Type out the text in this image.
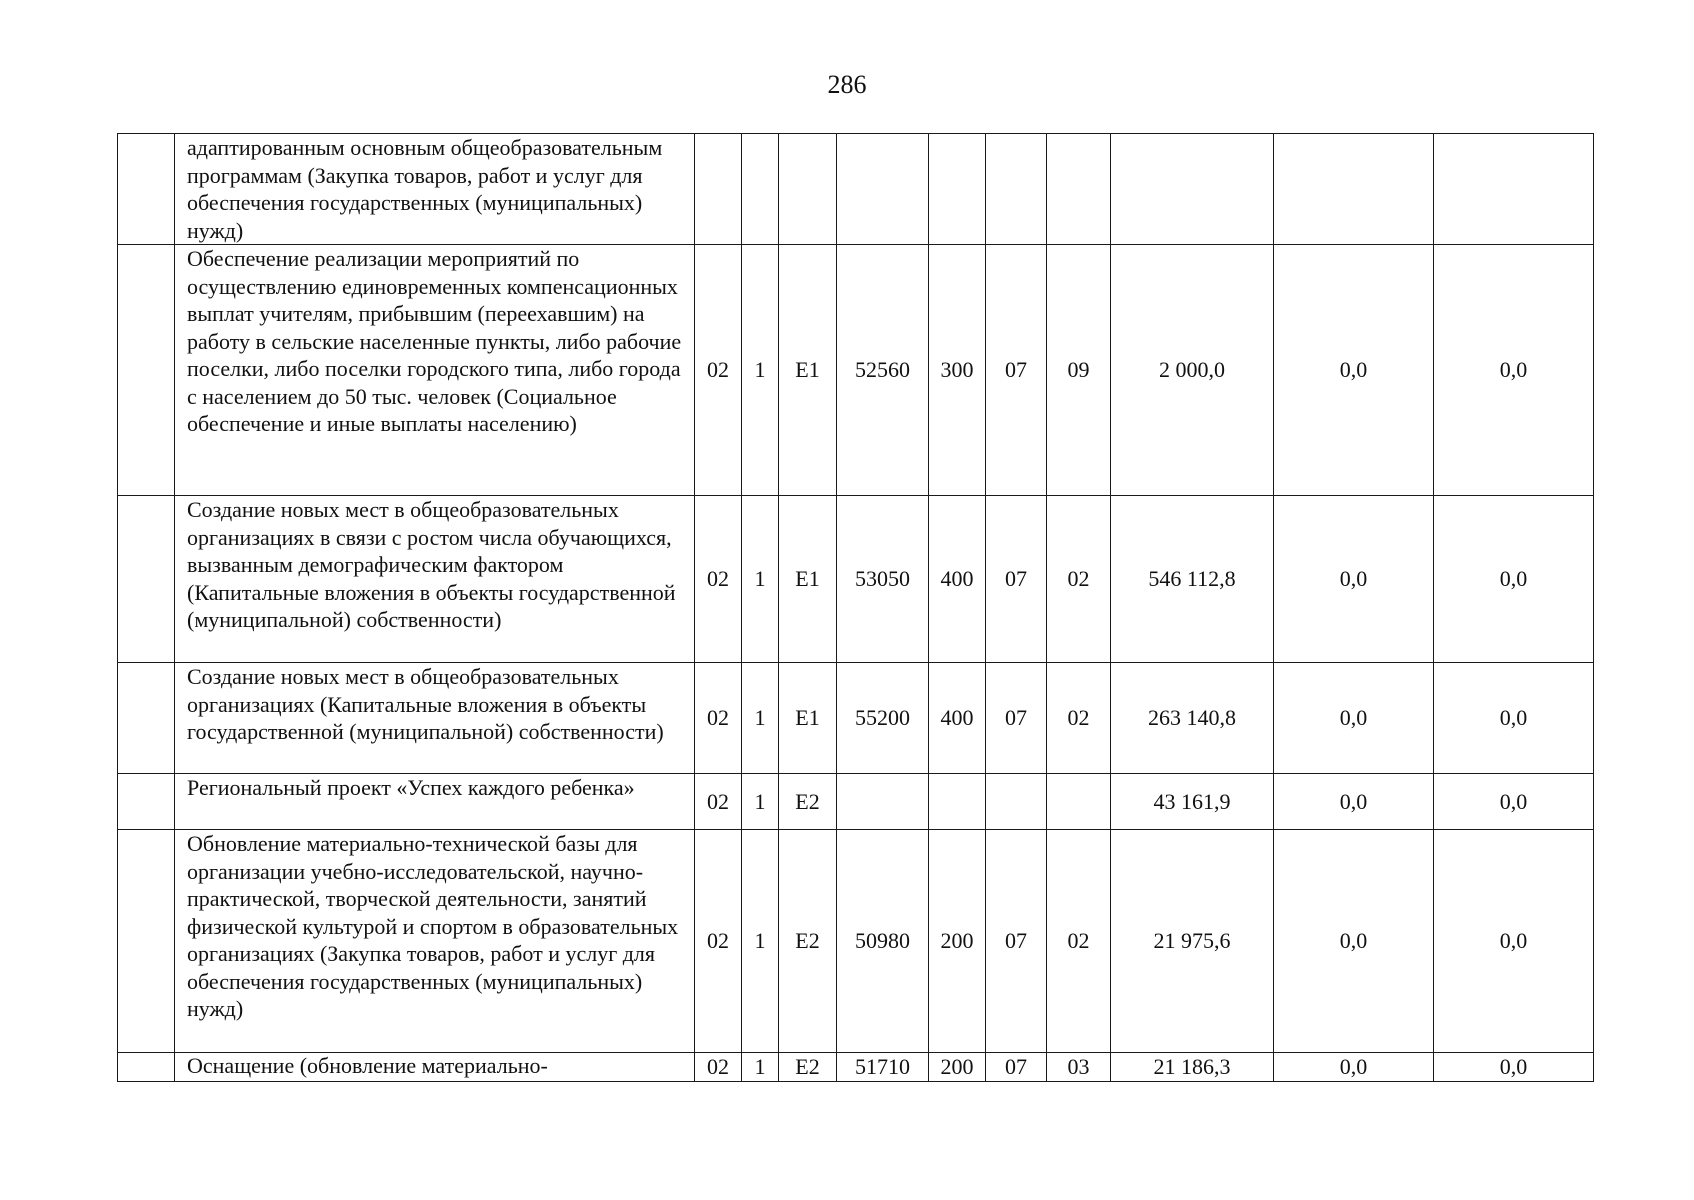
286
	адаптированным основным общеобразовательным программам (Закупка товаров, работ и услуг для обеспечения государственных (муниципальных) нужд)										
	Обеспечение реализации мероприятий по осуществлению единовременных компенсационных выплат учителям, прибывшим (переехавшим) на работу в сельские населенные пункты, либо рабочие поселки, либо поселки городского типа, либо города с населением до 50 тыс. человек (Социальное обеспечение и иные выплаты населению)	02	1	Е1	52560	300	07	09	2 000,0	0,0	0,0
	Создание новых мест в общеобразовательных организациях в связи с ростом числа обучающихся, вызванным демографическим фактором (Капитальные вложения в объекты государственной (муниципальной) собственности)	02	1	Е1	53050	400	07	02	546 112,8	0,0	0,0
	Создание новых мест в общеобразовательных организациях (Капитальные вложения в объекты государственной (муниципальной) собственности)	02	1	Е1	55200	400	07	02	263 140,8	0,0	0,0
	Региональный проект «Успех каждого ребенка»	02	1	Е2					43 161,9	0,0	0,0
	Обновление материально-технической базы для организации учебно-исследовательской, научно-практической, творческой деятельности, занятий физической культурой и спортом в образовательных организациях (Закупка товаров, работ и услуг для обеспечения государственных (муниципальных) нужд)	02	1	Е2	50980	200	07	02	21 975,6	0,0	0,0
	Оснащение (обновление материально-	02	1	Е2	51710	200	07	03	21 186,3	0,0	0,0
